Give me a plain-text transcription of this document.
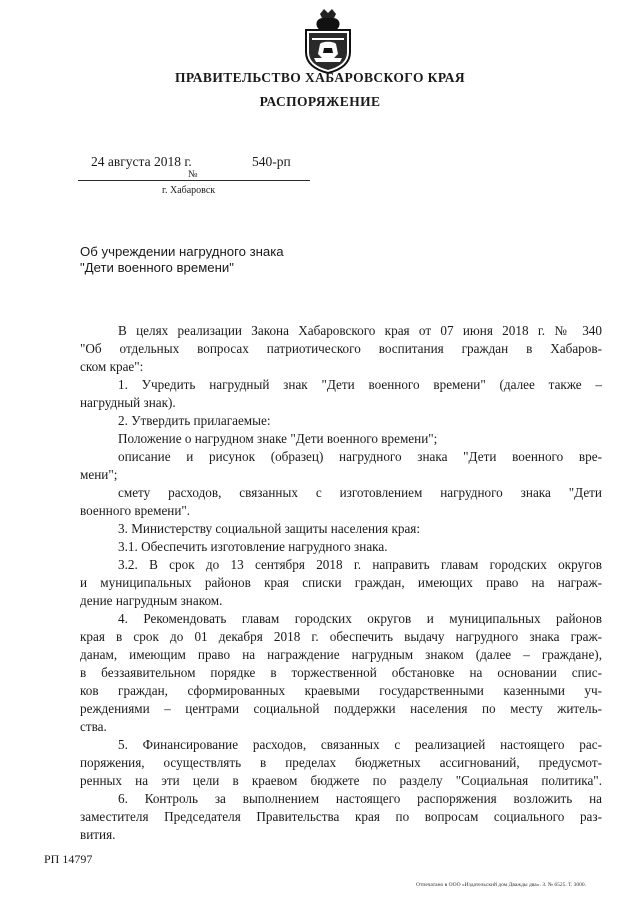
ПРАВИТЕЛЬСТВО ХАБАРОВСКОГО КРАЯ
РАСПОРЯЖЕНИЕ
24 августа 2018 г.
№
540-рп
г. Хабаровск
Об учреждении нагрудного знака
"Дети военного времени"
В целях реализации Закона Хабаровского края от 07 июня 2018 г. № 340
"Об отдельных вопросах патриотического воспитания граждан в Хабаров-
ском крае":
1. Учредить нагрудный знак "Дети военного времени" (далее также –
нагрудный знак).
2. Утвердить прилагаемые:
Положение о нагрудном знаке "Дети военного времени";
описание и рисунок (образец) нагрудного знака "Дети военного вре-
мени";
смету расходов, связанных с изготовлением нагрудного знака "Дети
военного времени".
3. Министерству социальной защиты населения края:
3.1. Обеспечить изготовление нагрудного знака.
3.2. В срок до 13 сентября 2018 г. направить главам городских округов
и муниципальных районов края списки граждан, имеющих право на награж-
дение нагрудным знаком.
4. Рекомендовать главам городских округов и муниципальных районов
края в срок до 01 декабря 2018 г. обеспечить выдачу нагрудного знака граж-
данам, имеющим право на награждение нагрудным знаком (далее – граждане),
в беззаявительном порядке в торжественной обстановке на основании спис-
ков граждан, сформированных краевыми государственными казенными уч-
реждениями – центрами социальной поддержки населения по месту житель-
ства.
5. Финансирование расходов, связанных с реализацией настоящего рас-
поряжения, осуществлять в пределах бюджетных ассигнований, предусмот-
ренных на эти цели в краевом бюджете по разделу "Социальная политика".
6. Контроль за выполнением настоящего распоряжения возложить на
заместителя Председателя Правительства края по вопросам социального раз-
вития.
РП 14797
Отпечатано в ООО «Издательский дом Дважды два». З. № 6525. Т. 3000.
